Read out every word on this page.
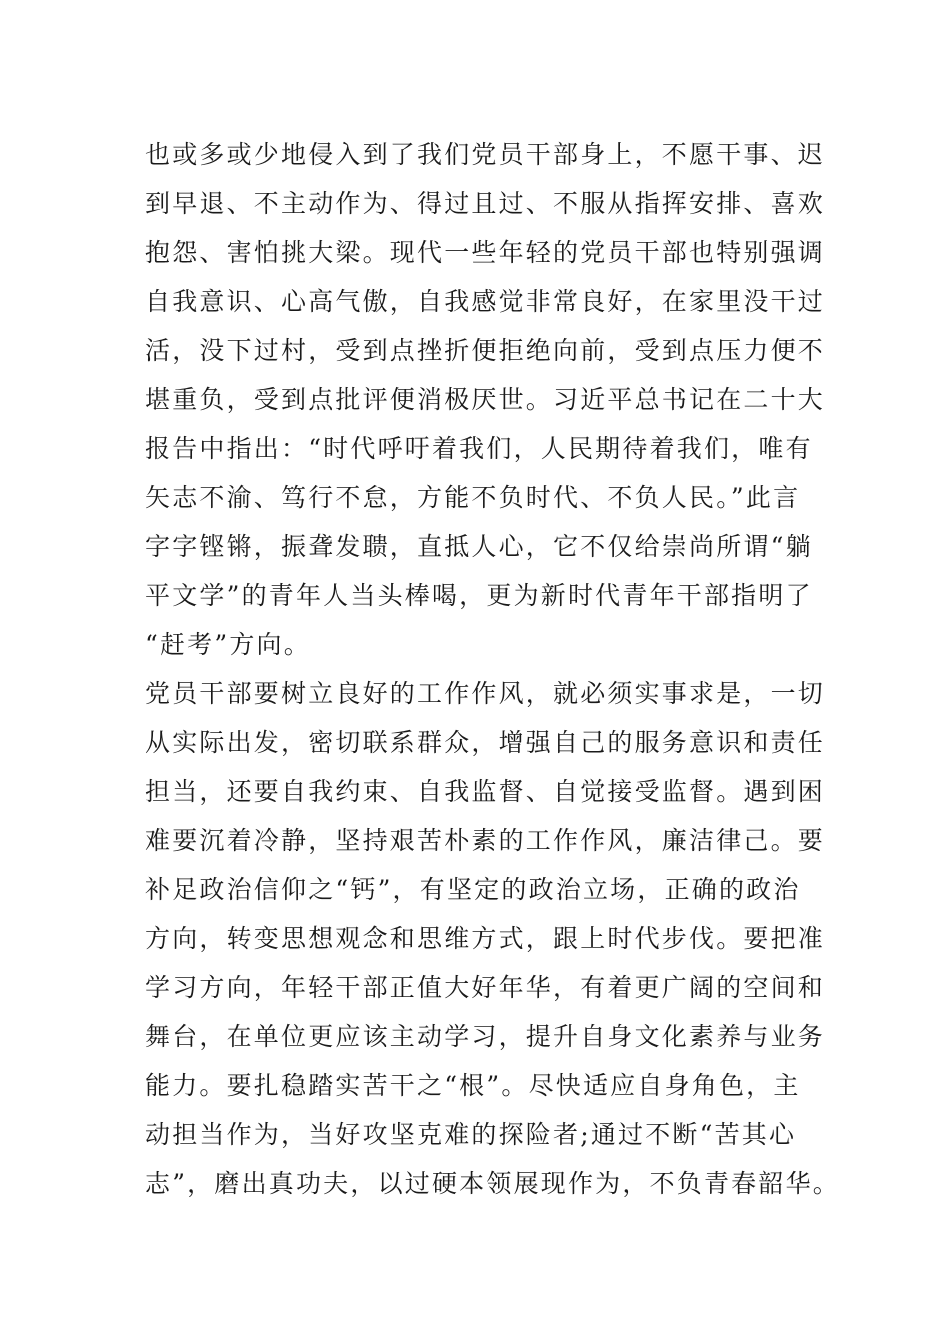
也或多或少地侵入到了我们党员干部身上，不愿干事、迟
到早退、不主动作为、得过且过、不服从指挥安排、喜欢
抱怨、害怕挑大梁。现代一些年轻的党员干部也特别强调
自我意识、心高气傲，自我感觉非常良好，在家里没干过
活，没下过村，受到点挫折便拒绝向前，受到点压力便不
堪重负，受到点批评便消极厌世。习近平总书记在二十大
报告中指出：“时代呼吁着我们，人民期待着我们，唯有
矢志不渝、笃行不怠，方能不负时代、不负人民。”此言
字字铿锵，振聋发聩，直抵人心，它不仅给崇尚所谓“躺
平文学”的青年人当头棒喝，更为新时代青年干部指明了
“赶考”方向。
党员干部要树立良好的工作作风，就必须实事求是，一切
从实际出发，密切联系群众，增强自己的服务意识和责任
担当，还要自我约束、自我监督、自觉接受监督。遇到困
难要沉着冷静，坚持艰苦朴素的工作作风，廉洁律己。要
补足政治信仰之“钙”，有坚定的政治立场，正确的政治
方向，转变思想观念和思维方式，跟上时代步伐。要把准
学习方向，年轻干部正值大好年华，有着更广阔的空间和
舞台，在单位更应该主动学习，提升自身文化素养与业务
能力。要扎稳踏实苦干之“根”。尽快适应自身角色，主
动担当作为，当好攻坚克难的探险者;通过不断“苦其心
志”，磨出真功夫，以过硬本领展现作为，不负青春韶华。
